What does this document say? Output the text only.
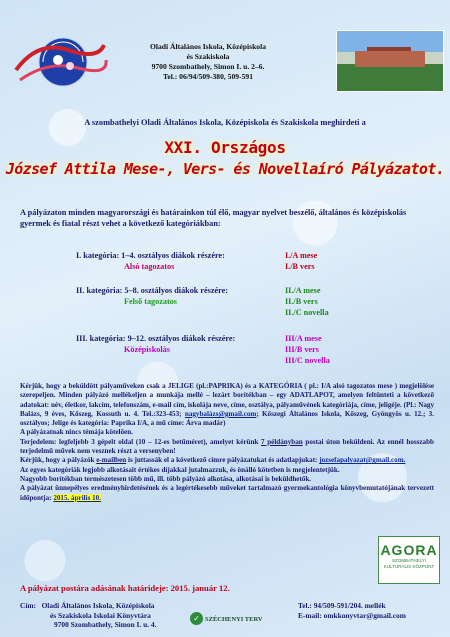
Oladi Általános Iskola, Középiskola
és Szakiskola
9700 Szombathely, Simon I. u. 2–6.
Tel.: 06/94/509-380, 509-591
A szombathelyi Oladi Általános Iskola, Középiskola és Szakiskola meghirdeti a
XXI. Országos
József Attila Mese-, Vers- és Novellaíró Pályázatot.
A pályázaton minden magyarországi és határainkon túl élő, magyar nyelvet beszélő, általános és középiskolás gyermek és fiatal részt vehet a következő kategóriákban:
I. kategória: 1–4. osztályos diákok részére:
Alsó tagozatos
I./A mese
I./B vers
II. kategória: 5–8. osztályos diákok részére:
Felső tagozatos
II./A mese
II./B vers
II./C novella
III. kategória: 9–12. osztályos diákok részére:
Középiskolás
III/A mese
III/B vers
III/C novella

Kérjük, hogy a beküldött pályaműveken csak a JELIGE (pl.:PAPRIKA) és a KATEGÓRIA ( pl.: I/A alsó tagozatos mese ) megjelölése szerepeljen. Minden pályázó mellékeljen a munkája mellé – lezárt borítékban – egy ADATLAPOT, amelyen feltünteti a következő adatokat: név, életkor, lakcím, telefonszám, e-mail cím, iskolája neve, címe, osztálya, pályaművének kategóriája, címe, jeligéje. (Pl.: Nagy Balázs, 9 éves, Kőszeg, Kossuth u. 4. Tel.:323-453; nagybalázs@gmail.com; Kőszegi Általános Iskola, Kőszeg, Gyöngyös u. 12.; 3. osztályos; Jelige és kategória: Paprika I/A, a mű címe: Árva madár)

A pályázatnak nincs témája kötelően.

Terjedelem: legfeljebb 3 gépelt oldal (10 – 12-es betűméret), amelyet kérünk 7 példányban postai úton beküldeni. Az ennél hosszabb terjedelmű művek nem vesznek részt a versenyben!

Kérjük, hogy a pályázók e-mailben is juttassák el a következő címre pályázatukat és adatlapjukat: jozsefapalyazat@gmail.com.

Az egyes kategóriák legjobb alkotásait értékes díjakkal jutalmazzuk, és önálló kötetben is megjelentetjük.

Nagyobb borítékban természetesen több mű, ill. több pályázó alkotása, alkotásai is beküldhetők.

A pályázat ünnepélyes eredményhirdetésének és a legértékesebb műveket tartalmazó gyermekantológia könyvbemutatójának tervezett időpontja: 2015. április 10.

AGORA
SZOMBATHELYI KULTURÁLIS KÖZPONT
A pályázat postára adásának határideje: 2015. január 12.
Cím: Oladi Általános Iskola, Középiskola
és Szakiskola Iskolai Könyvtára
9700 Szombathely, Simon I. u. 4.
✓ SZÉCHENYI TERV
Tel.: 94/509-591/204. mellék
E-mail: omkkonyvtar@gmail.com
